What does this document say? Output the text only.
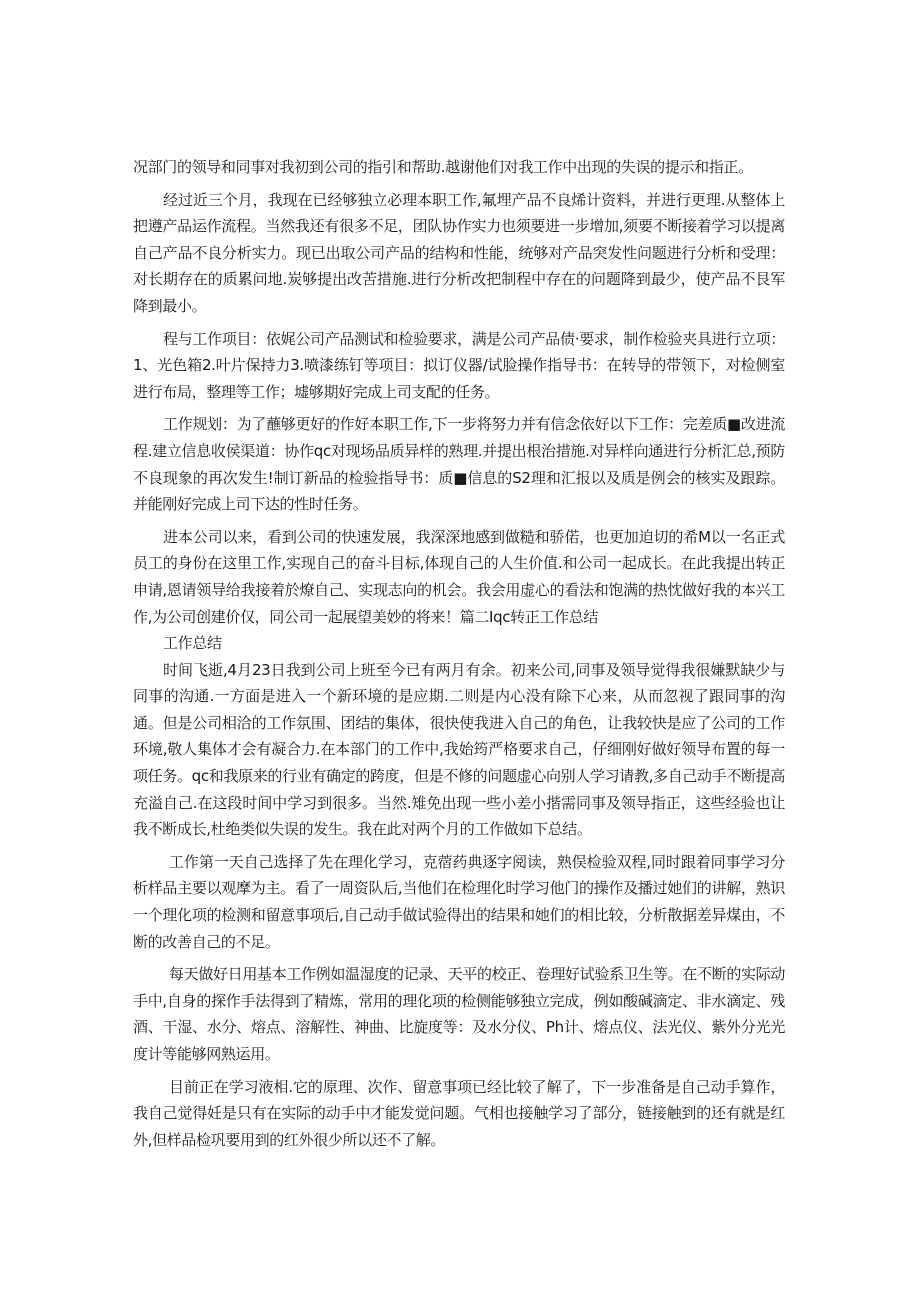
况部门的领导和同事对我初到公司的指引和帮助.越谢他们对我工作中出现的失误的提示和指正。

经过近三个月，我现在已经够独立必理本职工作,氟埋产品不良烯计资料，并进行更理.从整体上把遵产品运作流程。当然我还有很多不足，团队协作实力也须要进一步增加,须要不断接着学习以提离自己产品不良分析实力。现已出取公司产品的结构和性能，统够对产品突发性问题进行分析和受理：对长期存在的质累问地.炭够提出改苦措施.进行分析改把制程中存在的问题降到最少，使产品不艮军降到最小。

程与工作项目：依娓公司产品测试和检验要求，满是公司产品债·要求，制作检验夹具进行立项：1、光色箱2.叶片保持力3.喷漆练钉等项目：拟订仪器/试脸操作指导书：在转导的带领下，对检侧室进行布局，整理等工作；墟够期好完成上司支配的任务。

工作规划：为了蘸够更好的作好本职工作,下一步将努力并有信念依好以下工作：完差质■改进流程.建立信息收侯渠道：协作qc对现场品质异样的熟理.并提出根治措施.对异样向通进行分析汇总,预防不良现象的再次发生!制订新品的检验指导书：质■信息的S2理和汇报以及质是例会的核实及跟踪。并能刚好完成上司下达的性时任务。

进本公司以来，看到公司的快速发展，我深深地感到做糙和骄偌，也更加迫切的希M以一名正式员工的身份在这里工作,实现自己的奋斗目标,体现自己的人生价值.和公司一起成长。在此我提出转正申请,恩请领导给我接着於燎自己、实现志向的机会。我会用虚心的看法和饱满的热忱做好我的本兴工作,为公司创建价仅，同公司一起展望美妙的将来！篇二Iqc转正工作总结

工作总结

时间飞逝,4月23日我到公司上班至今已有两月有余。初来公司,同事及领导觉得我很嫌默缺少与同事的沟通.一方面是进入一个新环境的是应期.二则是内心没有除下心来，从而忽视了跟同事的沟通。但是公司相洽的工作氛围、团结的集体，很快使我进入自己的角色，让我较快是应了公司的工作环境,敬人集体才会有凝合力.在本部门的工作中,我始筠严格要求自己，仔细刚好做好领导布置的每一项任务。qc和我原来的行业有确定的跨度，但是不修的问题虚心向别人学习请教,多自己动手不断提高充溢自己.在这段时间中学习到很多。当然.雉免出现一些小差小揩需同事及领导指正，这些经验也让我不断成长,杜绝类似失误的发生。我在此对两个月的工作做如下总结。

工作第一天自己选择了先在理化学习，克蓿药典逐字阅读，熟俣检验双程,同时跟着同事学习分析样品主要以观摩为主。看了一周资队后,当他们在检理化时学习他门的操作及播过她们的讲解，熟识一个理化项的检测和留意事项后,自己动手做试验得出的结果和她们的相比较，分析散据差异煤由，不断的改善自己的不足。

每天做好日用基本工作例如温湿度的记录、天平的校正、卷理好试验系卫生等。在不断的实际动手中,自身的探作手法得到了精炼，常用的理化项的检侧能够独立完成，例如酸碱滴定、非水滴定、残酒、干湿、水分、熔点、溶解性、神曲、比旋度等：及水分仪、Ph计、熔点仪、法光仪、紫外分光光度计等能够网熟运用。

目前正在学习液相.它的原理、次作、留意事项已经比较了解了，下一步准备是自己动手算作，我自己觉得妊是只有在实际的动手中才能发觉问题。气相也接触学习了部分，链接触到的还有就是红外,但样品检巩要用到的红外很少所以还不了解。
